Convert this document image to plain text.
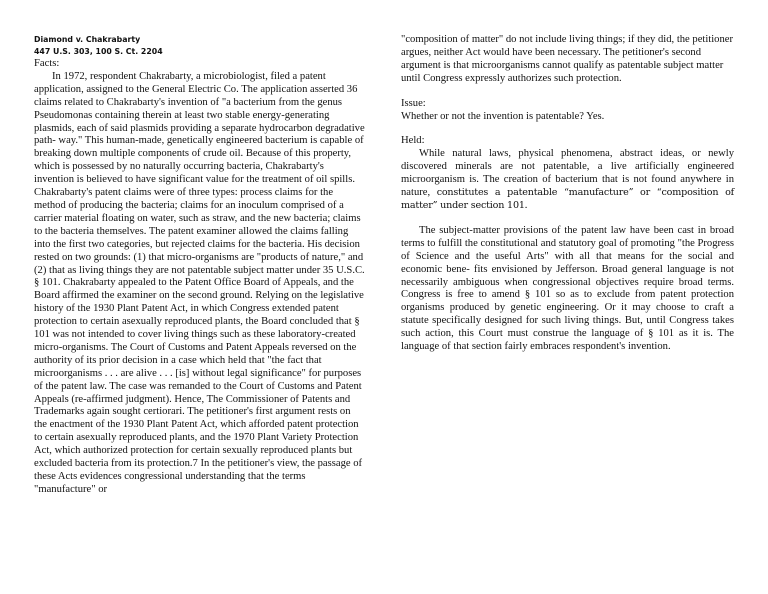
Diamond v. Chakrabarty

447 U.S. 303, 100 S. Ct. 2204

Facts:

In 1972, respondent Chakrabarty, a microbiologist, filed a patent application, assigned to the General Electric Co. The application asserted 36 claims related to Chakrabarty's invention of "a bacterium from the genus Pseudomonas containing therein at least two stable energy-generating plasmids, each of said plasmids providing a separate hydrocarbon degradative path- way." This human-made, genetically engineered bacterium is capable of breaking down multiple components of crude oil. Because of this property, which is possessed by no naturally occurring bacteria, Chakrabarty's invention is believed to have significant value for the treatment of oil spills. Chakrabarty's patent claims were of three types: process claims for the method of producing the bacteria; claims for an inoculum comprised of a carrier material floating on water, such as straw, and the new bacteria; claims to the bacteria themselves. The patent examiner allowed the claims falling into the first two categories, but rejected claims for the bacteria. His decision rested on two grounds: (1) that micro-organisms are "products of nature," and (2) that as living things they are not patentable subject matter under 35 U.S.C. § 101. Chakrabarty appealed to the Patent Office Board of Appeals, and the Board affirmed the examiner on the second ground. Relying on the legislative history of the 1930 Plant Patent Act, in which Congress extended patent protection to certain asexually reproduced plants, the Board concluded that § 101 was not intended to cover living things such as these laboratory-created micro-organisms. The Court of Customs and Patent Appeals reversed on the authority of its prior decision in a case which held that "the fact that microorganisms . . . are alive . . . [is] without legal significance" for purposes of the patent law. The case was remanded to the Court of Customs and Patent Appeals (re-affirmed judgment). Hence, The Commissioner of Patents and Trademarks again sought certiorari. The petitioner's first argument rests on the enactment of the 1930 Plant Patent Act, which afforded patent protection to certain asexually reproduced plants, and the 1970 Plant Variety Protection Act, which authorized protection for certain sexually reproduced plants but excluded bacteria from its protection.7 In the petitioner's view, the passage of these Acts evidences congressional understanding that the terms "manufacture" or

"composition of matter" do not include living things; if they did, the petitioner argues, neither Act would have been necessary. The petitioner's second argument is that microorganisms cannot qualify as patentable subject matter until Congress expressly authorizes such protection.

Issue:

Whether or not the invention is patentable? Yes.

Held:

While natural laws, physical phenomena, abstract ideas, or newly discovered minerals are not patentable, a live artificially engineered microorganism is. The creation of bacterium that is not found anywhere in nature, constitutes a patentable “manufacture” or “composition of matter” under section 101.

The subject-matter provisions of the patent law have been cast in broad terms to fulfill the constitutional and statutory goal of promoting "the Progress of Science and the useful Arts" with all that means for the social and economic bene- fits envisioned by Jefferson. Broad general language is not necessarily ambiguous when congressional objectives require broad terms. Congress is free to amend § 101 so as to exclude from patent protection organisms produced by genetic engineering. Or it may choose to craft a statute specifically designed for such living things. But, until Congress takes such action, this Court must construe the language of § 101 as it is. The language of that section fairly embraces respondent's invention.
